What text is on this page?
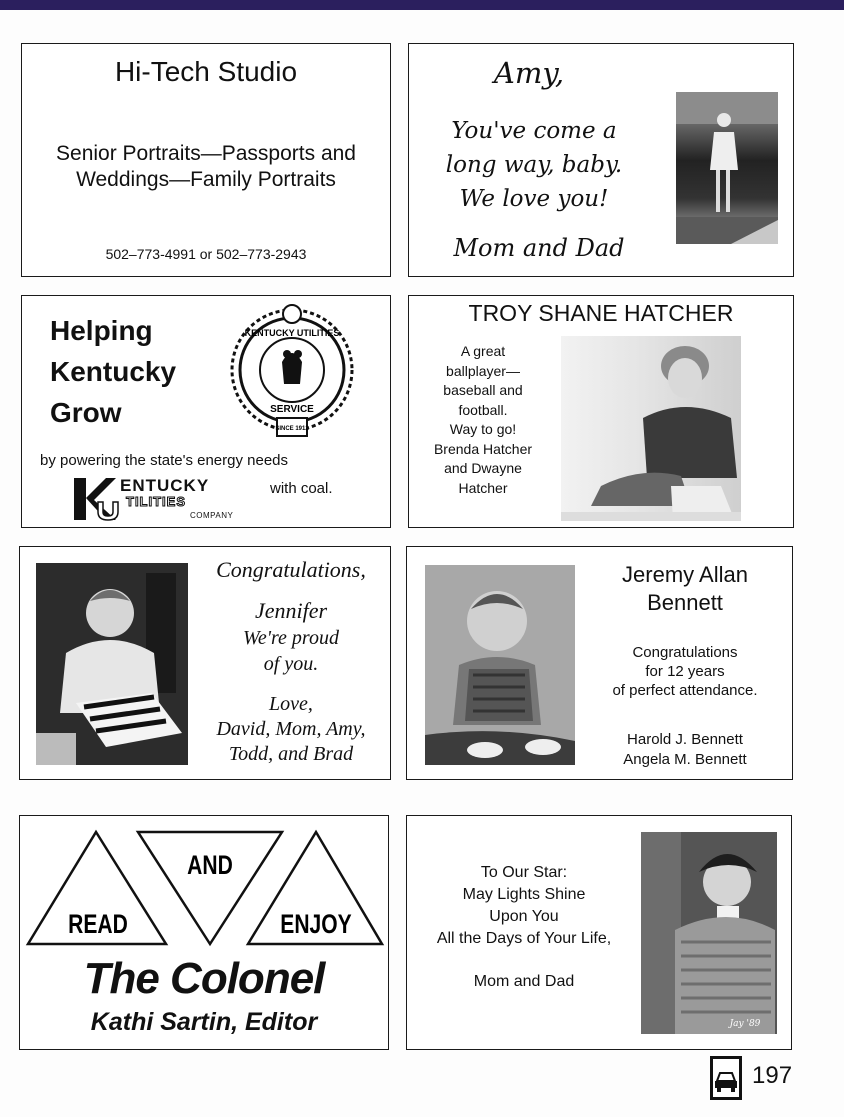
Hi-Tech Studio
Senior Portraits—Passports and
Weddings—Family Portraits
502–773-4991 or 502–773-2943
Amy,
You've come a
long way, baby.
We love you!
Mom and Dad
Helping
Kentucky
Grow
KENTUCKY UTILITIES
SERVICE
SINCE 1912
by powering the state's energy needs
ENTUCKY
TILITIES
COMPANY
with coal.
TROY SHANE HATCHER
A great
ballplayer—
baseball and
football.
Way to go!
Brenda Hatcher
and Dwayne
Hatcher
Congratulations,
Jennifer
We're proud
of you.
Love,
David, Mom, Amy,
Todd, and Brad
Jeremy Allan
Bennett
Congratulations
for 12 years
of perfect attendance.
Harold J. Bennett
Angela M. Bennett
READ
AND
ENJOY
The Colonel
Kathi Sartin, Editor
To Our Star:
May Lights Shine
Upon You
All the Days of Your Life,
Mom and Dad
Jay '89
197
